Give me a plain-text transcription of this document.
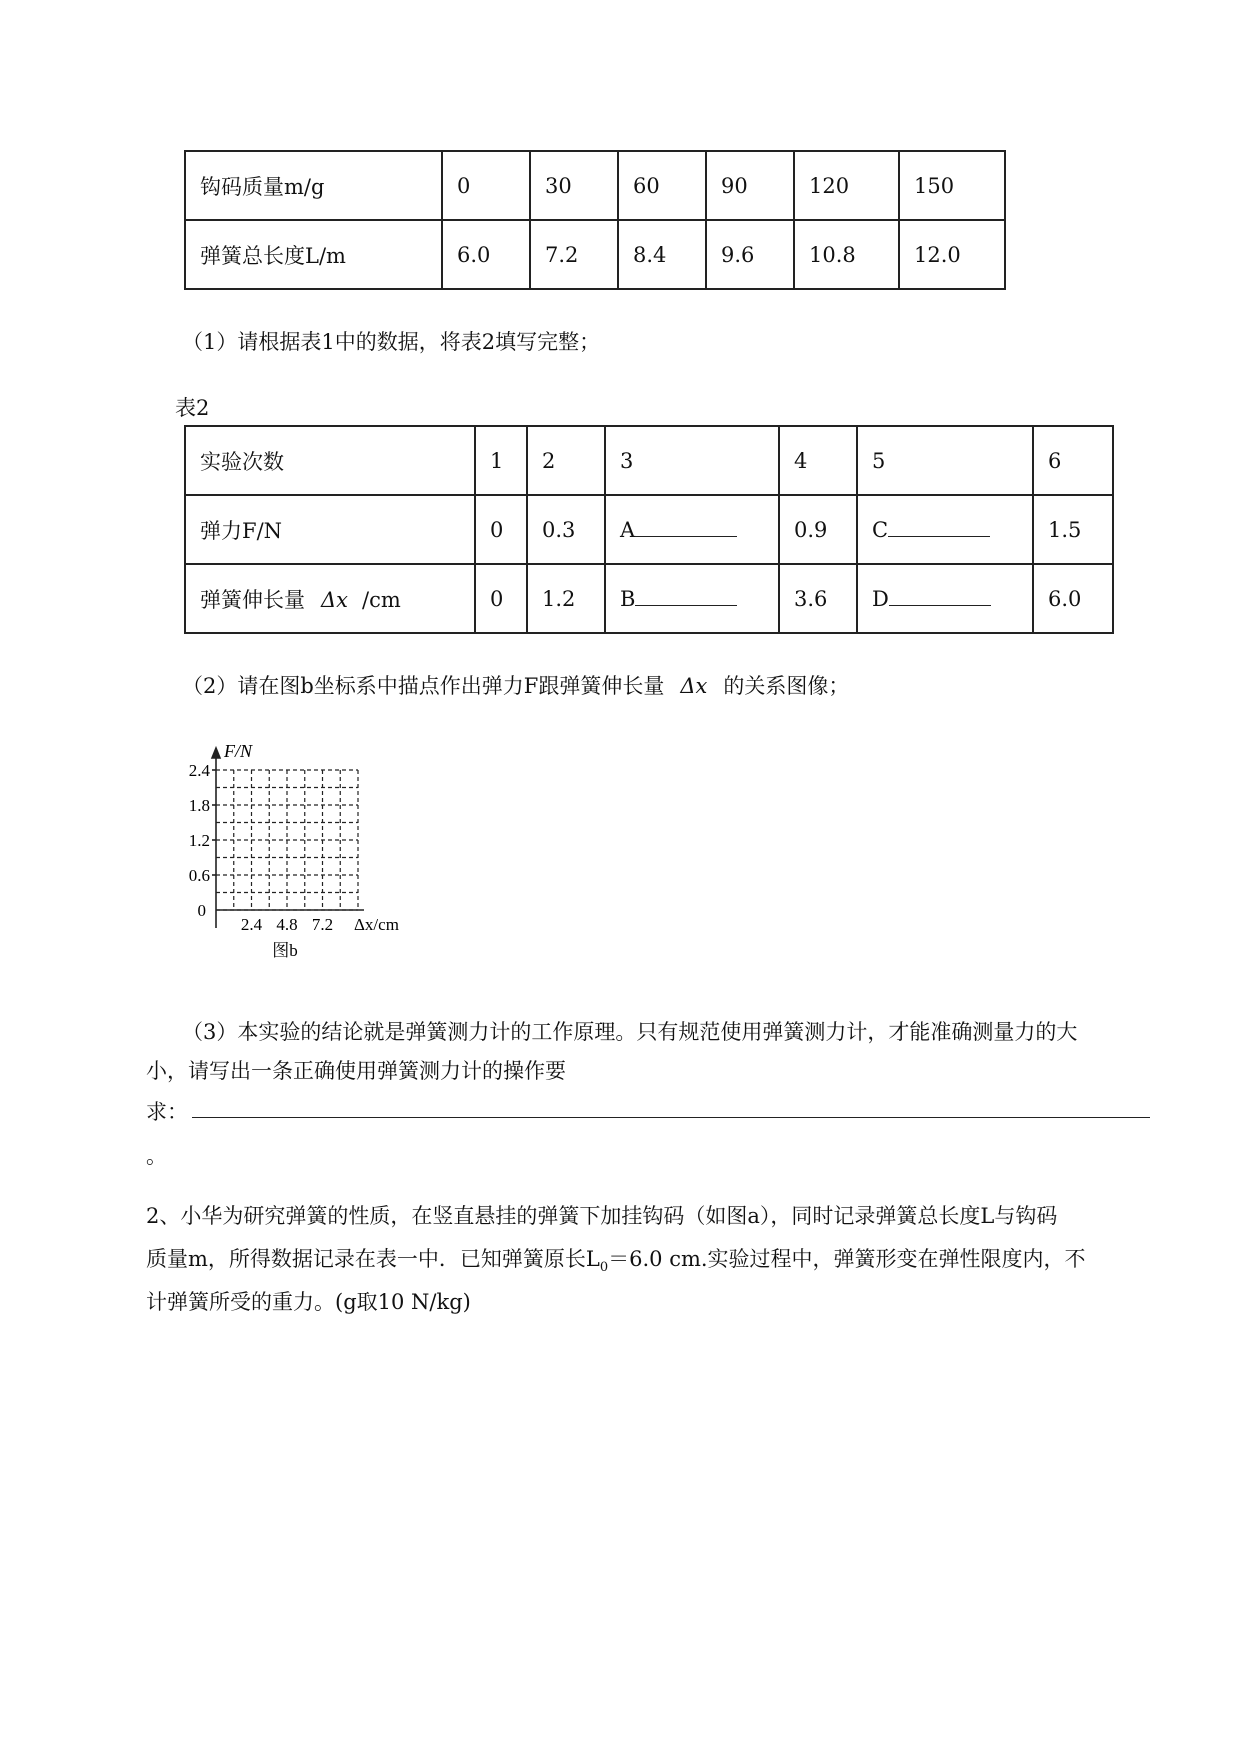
钩码质量m/g	0	30	60	90	120	150
弹簧总长度L/m	6.0	7.2	8.4	9.6	10.8	12.0
（1）请根据表1中的数据，将表2填写完整；
表2
实验次数	1	2	3	4	5	6
弹力F/N	0	0.3	A	0.9	C	1.5
弹簧伸长量 Δx /cm	0	1.2	B	3.6	D	6.0
（2）请在图b坐标系中描点作出弹力F跟弹簧伸长量 Δx 的关系图像；
F/N
2.4
1.8
1.2
0.6
0
2.4 4.8 7.2 Δx/cm
图b
（3）本实验的结论就是弹簧测力计的工作原理。只有规范使用弹簧测力计，才能准确测量力的大
小，请写出一条正确使用弹簧测力计的操作要
求：
。
2、小华为研究弹簧的性质，在竖直悬挂的弹簧下加挂钩码（如图a），同时记录弹簧总长度L与钩码
质量m，所得数据记录在表一中．已知弹簧原长$L_0=6.0$ cm.实验过程中，弹簧形变在弹性限度内，不
计弹簧所受的重力。(g取10 N/kg)
